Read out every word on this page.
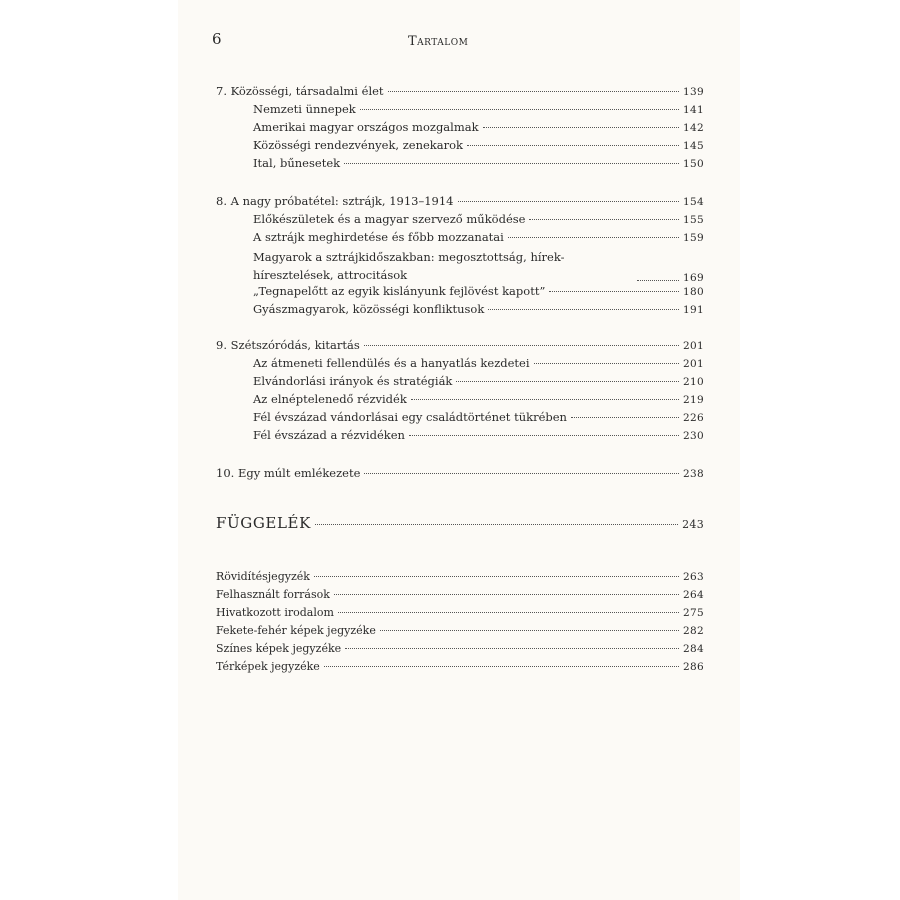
6	Tartalom
7. Közösségi, társadalmi élet	139
Nemzeti ünnepek	141
Amerikai magyar országos mozgalmak	142
Közösségi rendezvények, zenekarok	145
Ital, bűnesetek	150
8. A nagy próbatétel: sztrájk, 1913–1914	154
Előkészületek és a magyar szervező működése	155
A sztrájk meghirdetése és főbb mozzanatai	159
Magyarok a sztrájkidőszakban: megosztottság, hírek-híresztelések, attrocitások	169
„Tegnapelőtt az egyik kislányunk fejlövést kapott”	180
Gyászmagyarok, közösségi konfliktusok	191
9. Szétszóródás, kitartás	201
Az átmeneti fellendülés és a hanyatlás kezdetei	201
Elvándorlási irányok és stratégiák	210
Az elnéptelenedő rézvidék	219
Fél évszázad vándorlásai egy családtörténet tükrében	226
Fél évszázad a rézvidéken	230
10. Egy múlt emlékezete	238
FÜGGELÉK	243
Rövidítésjegyzék	263
Felhasznált források	264
Hivatkozott irodalom	275
Fekete-fehér képek jegyzéke	282
Színes képek jegyzéke	284
Térképek jegyzéke	286
